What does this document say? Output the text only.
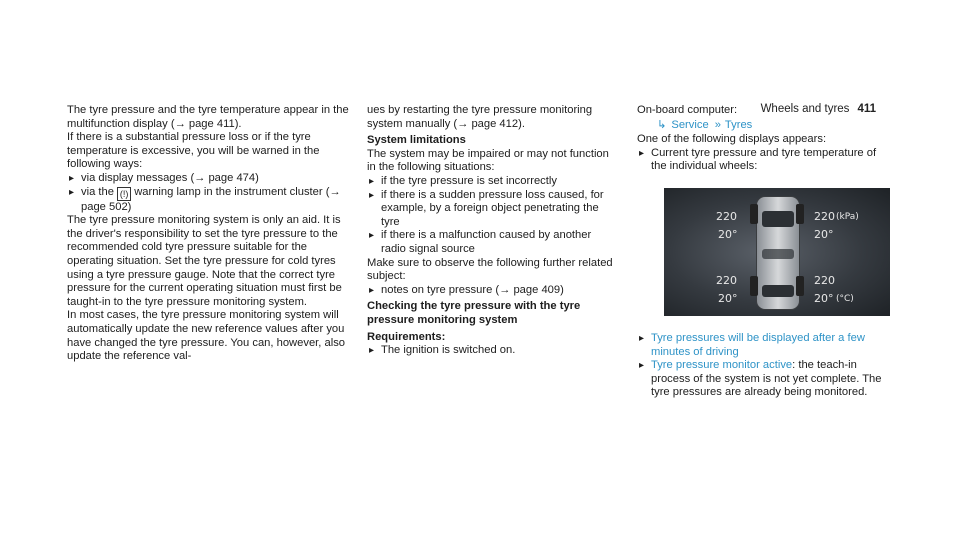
Wheels and tyres 411

The tyre pressure and the tyre temperature appear in the multifunction display (→ page 411).

If there is a substantial pressure loss or if the tyre temperature is excessive, you will be warned in the following ways:

▸ via display messages (→ page 474)
▸ via the (!) warning lamp in the instrument cluster (→ page 502)

The tyre pressure monitoring system is only an aid. It is the driver's responsibility to set the tyre pressure to the recommended cold tyre pressure suitable for the operating situation. Set the tyre pressure for cold tyres using a tyre pressure gauge. Note that the correct tyre pressure for the current operating situation must first be taught-in to the tyre pressure monitoring system.

In most cases, the tyre pressure monitoring system will automatically update the new reference values after you have changed the tyre pressure. You can, however, also update the reference val-

ues by restarting the tyre pressure monitoring system manually (→ page 412).

System limitations

The system may be impaired or may not function in the following situations:

▸ if the tyre pressure is set incorrectly
▸ if there is a sudden pressure loss caused, for example, by a foreign object penetrating the tyre
▸ if there is a malfunction caused by another radio signal source

Make sure to observe the following further related subject:

▸ notes on tyre pressure (→ page 409)

Checking the tyre pressure with the tyre pressure monitoring system

Requirements:

▸ The ignition is switched on.

On-board computer:

↳ Service » Tyres

One of the following displays appears:

▸ Current tyre pressure and tyre temperature of the individual wheels:
220
20°
220 (kPa)
20°
220
20°
220
20° (°C)
▸ Tyre pressures will be displayed after a few minutes of driving
▸ Tyre pressure monitor active: the teach-in process of the system is not yet complete. The tyre pressures are already being monitored.
